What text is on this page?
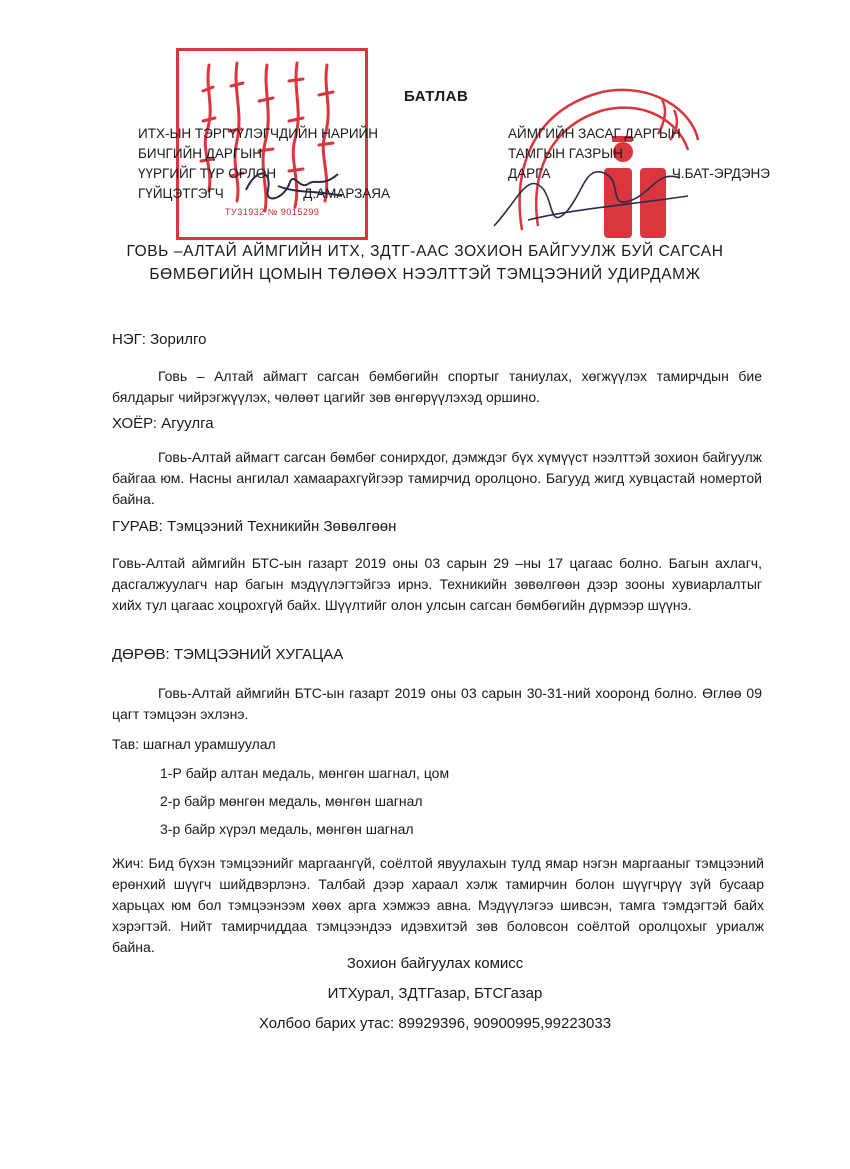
ТУ31932 № 9015299
БАТЛАВ
ИТХ-ЫН ТЭРГҮҮЛЭГЧДИЙН НАРИЙН
БИЧГИЙН ДАРГЫН
ҮҮРГИЙГ ТҮР ОРЛОН
ГҮЙЦЭТГЭГЧ	Д.АМАРЗАЯА
АЙМГИЙН ЗАСАГ ДАРГЫН
ТАМГЫН ГАЗРЫН
ДАРГА	Ч.БАТ-ЭРДЭНЭ
ГОВЬ –АЛТАЙ АЙМГИЙН ИТХ, ЗДТГ-ААС ЗОХИОН БАЙГУУЛЖ БУЙ САГСАН
БӨМБӨГИЙН ЦОМЫН ТӨЛӨӨХ НЭЭЛТТЭЙ ТЭМЦЭЭНИЙ УДИРДАМЖ
НЭГ: Зорилго
Говь – Алтай аймагт сагсан бөмбөгийн спортыг таниулах, хөгжүүлэх тамирчдын бие бялдарыг чийрэгжүүлэх, чөлөөт цагийг зөв өнгөрүүлэхэд оршино.
ХОЁР: Агуулга
Говь-Алтай аймагт сагсан бөмбөг сонирхдог, дэмждэг бүх хүмүүст нээлттэй зохион байгуулж байгаа юм. Насны ангилал хамаарахгүйгээр тамирчид оролцоно. Багууд жигд хувцастай номертой байна.
ГУРАВ: Тэмцээний Техникийн Зөвөлгөөн
Говь-Алтай аймгийн БТС-ын газарт 2019 оны 03 сарын 29 –ны 17 цагаас болно. Багын ахлагч, дасгалжуулагч нар багын мэдүүлэгтэйгээ ирнэ. Техникийн зөвөлгөөн дээр зооны хувиарлалтыг хийх тул цагаас хоцрохгүй байх. Шүүлтийг олон улсын сагсан бөмбөгийн дүрмээр шүүнэ.
ДӨРӨВ: ТЭМЦЭЭНИЙ ХУГАЦАА
Говь-Алтай аймгийн БТС-ын газарт 2019 оны 03 сарын 30-31-ний хооронд болно. Өглөө 09 цагт тэмцээн эхлэнэ.
Тав: шагнал урамшуулал
1-Р байр алтан медаль, мөнгөн шагнал, цом
2-р байр мөнгөн медаль, мөнгөн шагнал
3-р байр хүрэл медаль, мөнгөн шагнал
Жич: Бид бүхэн тэмцээнийг маргаангүй, соёлтой явуулахын тулд ямар нэгэн маргааныг тэмцээний ерөнхий шүүгч шийдвэрлэнэ. Талбай дээр хараал хэлж тамирчин болон шүүгчрүү зүй бусаар харьцах юм бол тэмцээнээм хөөх арга хэмжээ авна. Мэдүүлэгээ шивсэн, тамга тэмдэгтэй байх хэрэгтэй. Нийт тамирчиддаа тэмцээндээ идэвхитэй зөв боловсон соёлтой оролцохыг уриалж байна.
Зохион байгуулах комисс
ИТХурал, ЗДТГазар, БТСГазар
Холбоо барих утас: 89929396, 90900995,99223033
